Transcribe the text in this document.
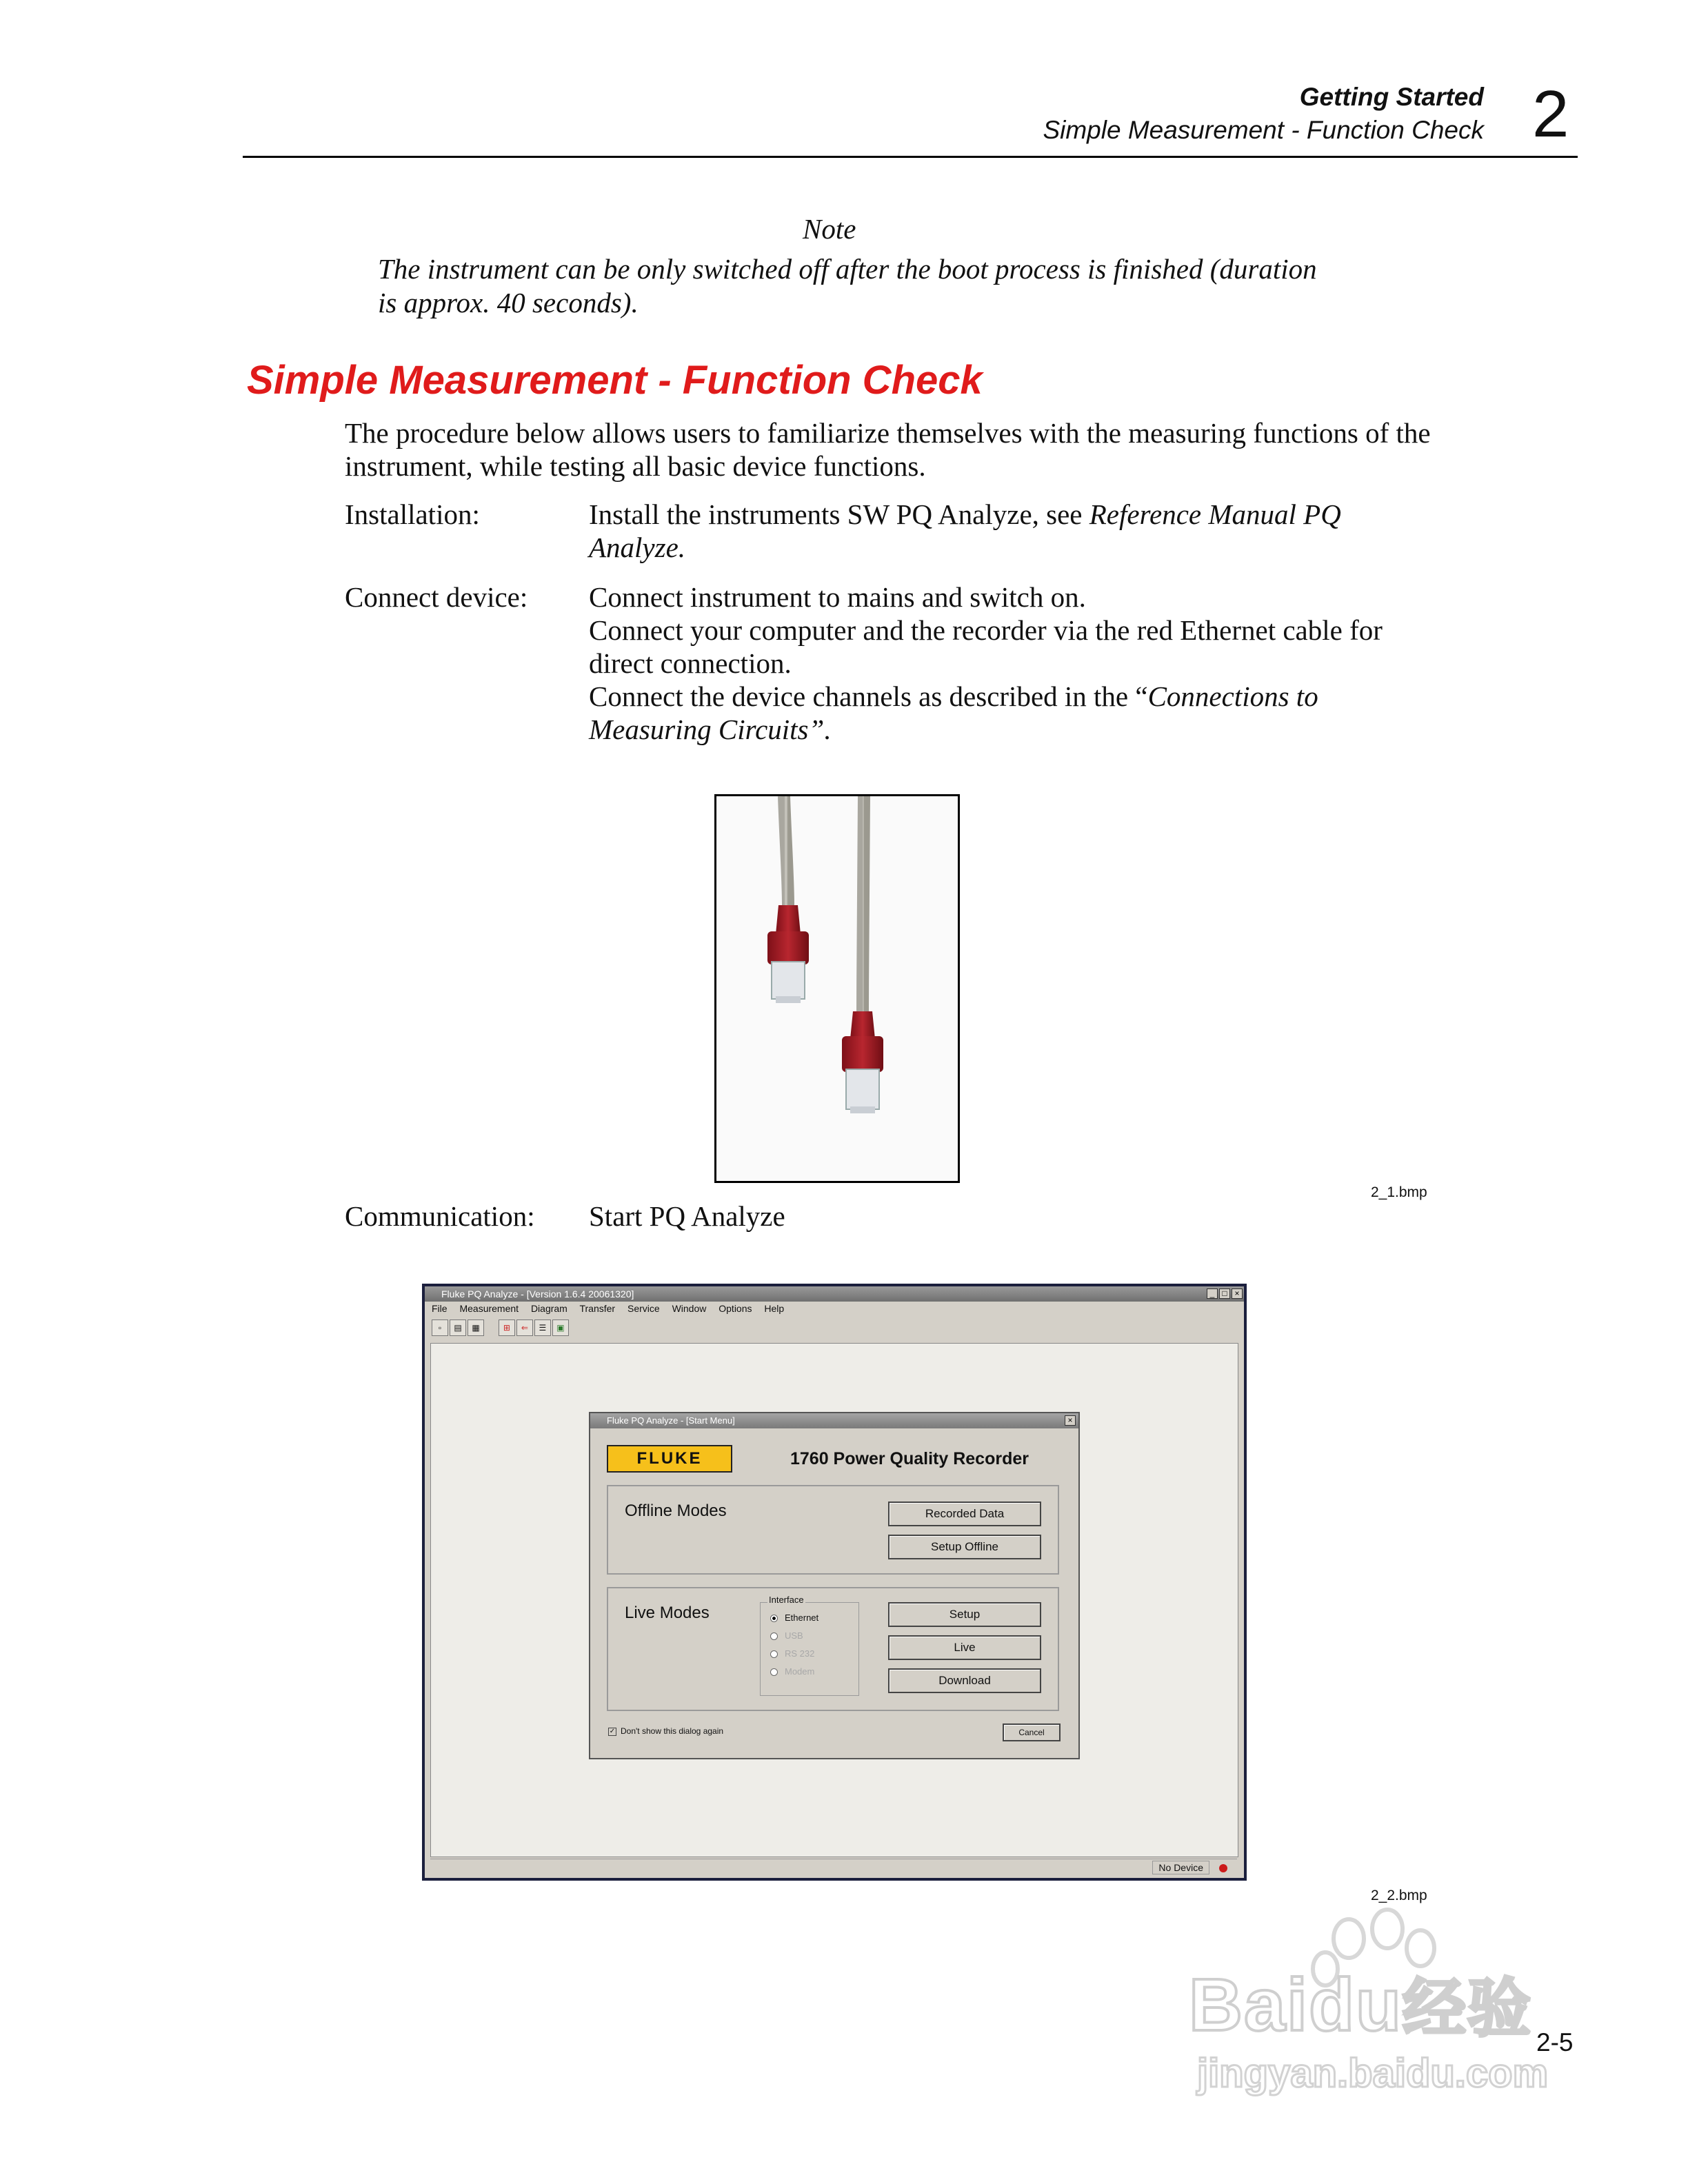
Getting Started
Simple Measurement - Function Check 2
Note
The instrument can be only switched off after the boot process is finished (duration is approx. 40 seconds).
Simple Measurement - Function Check
The procedure below allows users to familiarize themselves with the measuring functions of the instrument, while testing all basic device functions.
Installation:	Install the instruments SW PQ Analyze, see Reference Manual PQ Analyze.
Connect device: Connect instrument to mains and switch on.
Connect your computer and the recorder via the red Ethernet cable for direct connection.
Connect the device channels as described in the “Connections to Measuring Circuits”.
2_1.bmp
Communication: Start PQ Analyze
Fluke PQ Analyze - [Version 1.6.4 20061320]	_ □ ×
File Measurement Diagram Transfer Service Window Options Help
▫ ▤ ▦	⊞ ⇐ ☰ ▣
Fluke PQ Analyze - [Start Menu]	×
FLUKE	1760 Power Quality Recorder
Offline Modes	Recorded Data
Setup Offline
Live Modes
Interface
Ethernet
USB
RS 232
Modem
Setup
Live
Download
✓ Don't show this dialog again	Cancel
No Device
2_2.bmp
Baidu经验
jingyan.baidu.com
2-5
